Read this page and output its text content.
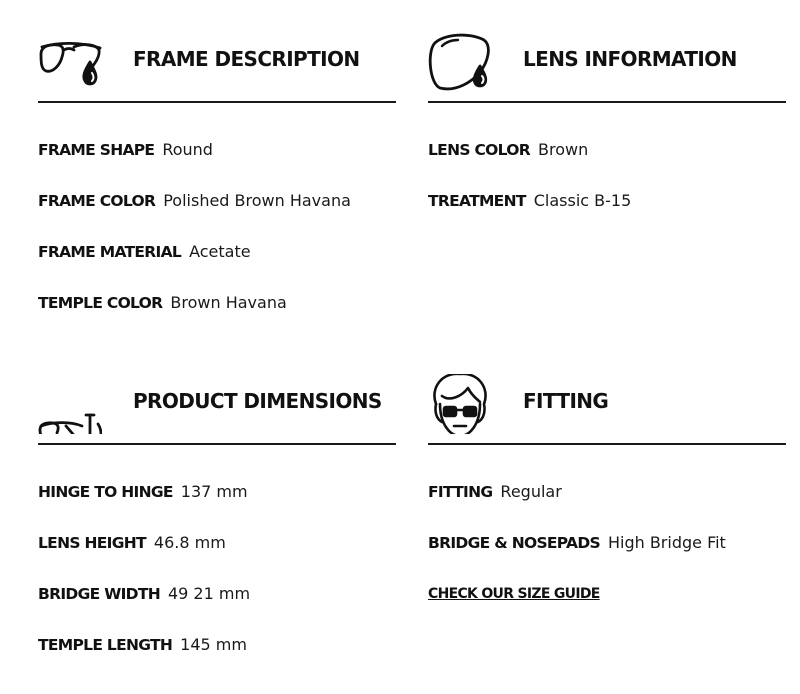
FRAME DESCRIPTION
FRAME SHAPE Round
FRAME COLOR Polished Brown Havana
FRAME MATERIAL Acetate
TEMPLE COLOR Brown Havana
LENS INFORMATION
LENS COLOR Brown
TREATMENT Classic B-15
PRODUCT DIMENSIONS
HINGE TO HINGE 137 mm
LENS HEIGHT 46.8 mm
BRIDGE WIDTH 49 21 mm
TEMPLE LENGTH 145 mm
FITTING
FITTING Regular
BRIDGE & NOSEPADS High Bridge Fit
CHECK OUR SIZE GUIDE
